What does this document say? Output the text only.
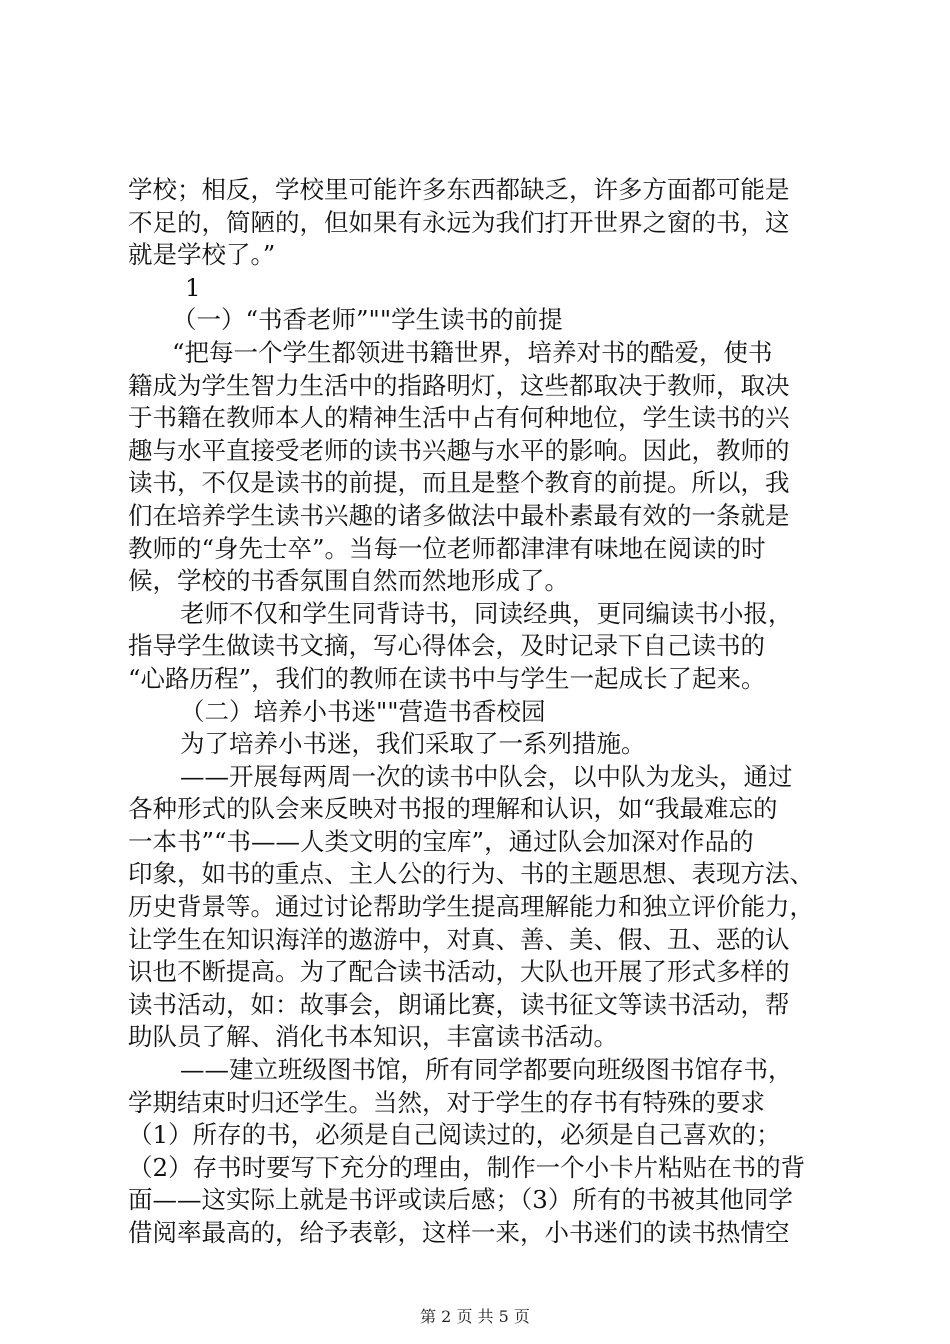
学校；相反，学校里可能许多东西都缺乏，许多方面都可能是
不足的，简陋的，但如果有永远为我们打开世界之窗的书，这
就是学校了。”
1
（一）“书香老师”""学生读书的前提
“把每一个学生都领进书籍世界，培养对书的酷爱，使书
籍成为学生智力生活中的指路明灯，这些都取决于教师，取决
于书籍在教师本人的精神生活中占有何种地位，学生读书的兴
趣与水平直接受老师的读书兴趣与水平的影响。因此，教师的
读书，不仅是读书的前提，而且是整个教育的前提。所以，我
们在培养学生读书兴趣的诸多做法中最朴素最有效的一条就是
教师的“身先士卒”。当每一位老师都津津有味地在阅读的时
候，学校的书香氛围自然而然地形成了。
老师不仅和学生同背诗书，同读经典，更同编读书小报，
指导学生做读书文摘，写心得体会，及时记录下自己读书的
“心路历程”，我们的教师在读书中与学生一起成长了起来。
（二）培养小书迷""营造书香校园
为了培养小书迷，我们采取了一系列措施。
——开展每两周一次的读书中队会，以中队为龙头，通过
各种形式的队会来反映对书报的理解和认识，如“我最难忘的
一本书”“书——人类文明的宝库”，通过队会加深对作品的
印象，如书的重点、主人公的行为、书的主题思想、表现方法、
历史背景等。通过讨论帮助学生提高理解能力和独立评价能力，
让学生在知识海洋的遨游中，对真、善、美、假、丑、恶的认
识也不断提高。为了配合读书活动，大队也开展了形式多样的
读书活动，如：故事会，朗诵比赛，读书征文等读书活动，帮
助队员了解、消化书本知识，丰富读书活动。
——建立班级图书馆，所有同学都要向班级图书馆存书，
学期结束时归还学生。当然，对于学生的存书有特殊的要求
（1）所存的书，必须是自己阅读过的，必须是自己喜欢的；
（2）存书时要写下充分的理由，制作一个小卡片粘贴在书的背
面——这实际上就是书评或读后感；（3）所有的书被其他同学
借阅率最高的，给予表彰，这样一来，小书迷们的读书热情空
第 2 页 共 5 页
